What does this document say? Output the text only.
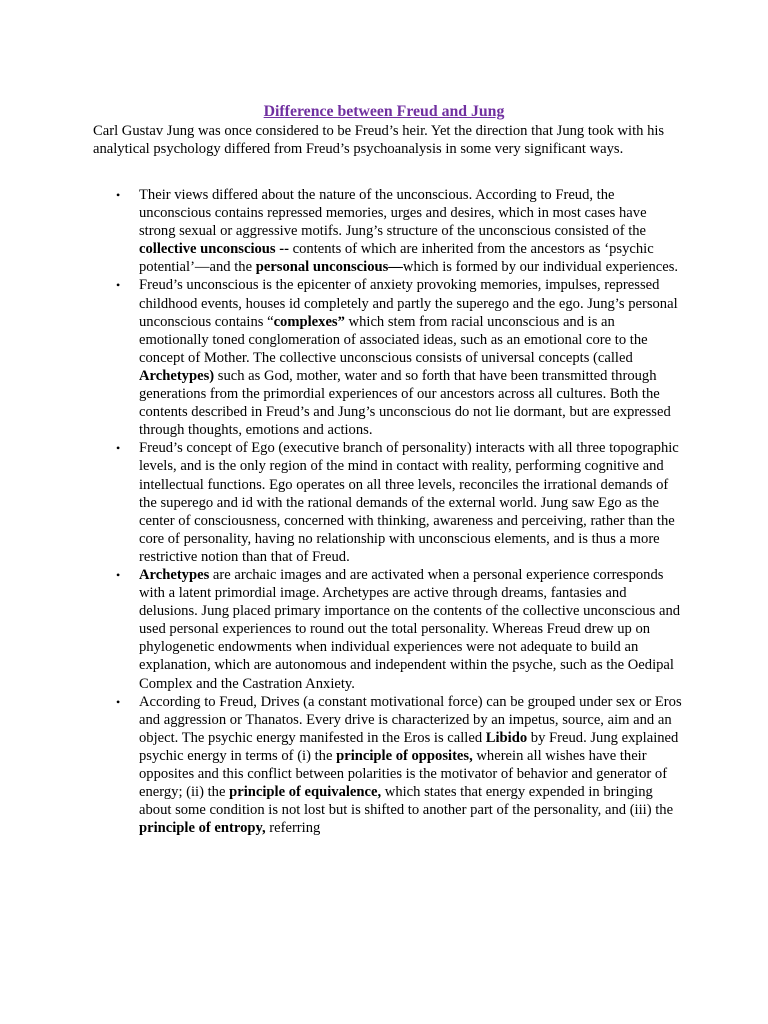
Difference between Freud and Jung

Carl Gustav Jung was once considered to be Freud’s heir. Yet the direction that Jung took with his analytical psychology differed from Freud’s psychoanalysis in some very significant ways.

• Their views differed about the nature of the unconscious. According to Freud, the unconscious contains repressed memories, urges and desires, which in most cases have strong sexual or aggressive motifs. Jung’s structure of the unconscious consisted of the collective unconscious -- contents of which are inherited from the ancestors as ‘psychic potential’—and the personal unconscious—which is formed by our individual experiences.
• Freud’s unconscious is the epicenter of anxiety provoking memories, impulses, repressed childhood events, houses id completely and partly the superego and the ego. Jung’s personal unconscious contains “complexes” which stem from racial unconscious and is an emotionally toned conglomeration of associated ideas, such as an emotional core to the concept of Mother. The collective unconscious consists of universal concepts (called Archetypes) such as God, mother, water and so forth that have been transmitted through generations from the primordial experiences of our ancestors across all cultures. Both the contents described in Freud’s and Jung’s unconscious do not lie dormant, but are expressed through thoughts, emotions and actions.
• Freud’s concept of Ego (executive branch of personality) interacts with all three topographic levels, and is the only region of the mind in contact with reality, performing cognitive and intellectual functions. Ego operates on all three levels, reconciles the irrational demands of the superego and id with the rational demands of the external world. Jung saw Ego as the center of consciousness, concerned with thinking, awareness and perceiving, rather than the core of personality, having no relationship with unconscious elements, and is thus a more restrictive notion than that of Freud.
• Archetypes are archaic images and are activated when a personal experience corresponds with a latent primordial image. Archetypes are active through dreams, fantasies and delusions. Jung placed primary importance on the contents of the collective unconscious and used personal experiences to round out the total personality. Whereas Freud drew up on phylogenetic endowments when individual experiences were not adequate to build an explanation, which are autonomous and independent within the psyche, such as the Oedipal Complex and the Castration Anxiety.
• According to Freud, Drives (a constant motivational force) can be grouped under sex or Eros and aggression or Thanatos. Every drive is characterized by an impetus, source, aim and an object. The psychic energy manifested in the Eros is called Libido by Freud. Jung explained psychic energy in terms of (i) the principle of opposites, wherein all wishes have their opposites and this conflict between polarities is the motivator of behavior and generator of energy; (ii) the principle of equivalence, which states that energy expended in bringing about some condition is not lost but is shifted to another part of the personality, and (iii) the principle of entropy, referring
